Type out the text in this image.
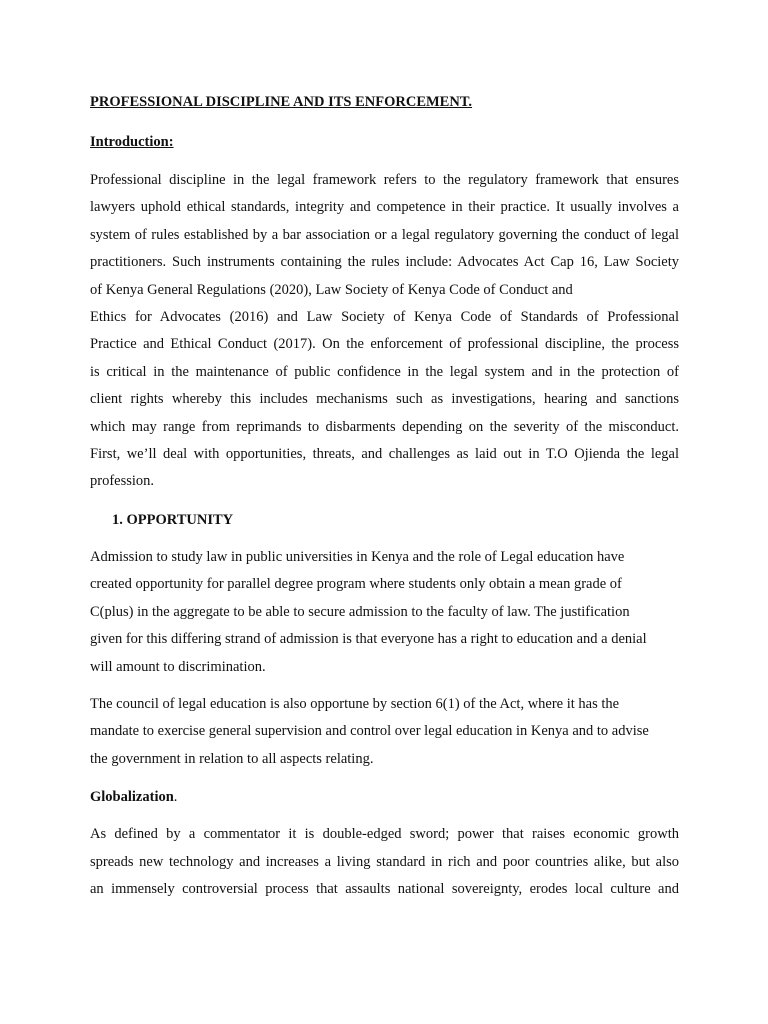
PROFESSIONAL DISCIPLINE AND ITS ENFORCEMENT.
Introduction:

Professional discipline in the legal framework refers to the regulatory framework that ensures
lawyers uphold ethical standards, integrity and competence in their practice. It usually involves a
system of rules established by a bar association or a legal regulatory governing the conduct of legal
practitioners. Such instruments containing the rules include: Advocates Act Cap 16, Law Society
of Kenya General Regulations (2020), Law Society of Kenya Code of Conduct and
Ethics for Advocates (2016) and Law Society of Kenya Code of Standards of Professional
Practice and Ethical Conduct (2017). On the enforcement of professional discipline, the process
is critical in the maintenance of public confidence in the legal system and in the protection of
client rights whereby this includes mechanisms such as investigations, hearing and sanctions
which may range from reprimands to disbarments depending on the severity of the misconduct.
First, we’ll deal with opportunities, threats, and challenges as laid out in T.O Ojienda the legal
profession.

1. OPPORTUNITY

Admission to study law in public universities in Kenya and the role of Legal education have
created opportunity for parallel degree program where students only obtain a mean grade of
C(plus) in the aggregate to be able to secure admission to the faculty of law. The justification
given for this differing strand of admission is that everyone has a right to education and a denial
will amount to discrimination.

The council of legal education is also opportune by section 6(1) of the Act, where it has the
mandate to exercise general supervision and control over legal education in Kenya and to advise
the government in relation to all aspects relating.

Globalization.

As defined by a commentator it is double-edged sword; power that raises economic growth
spreads new technology and increases a living standard in rich and poor countries alike, but also
an immensely controversial process that assaults national sovereignty, erodes local culture and
